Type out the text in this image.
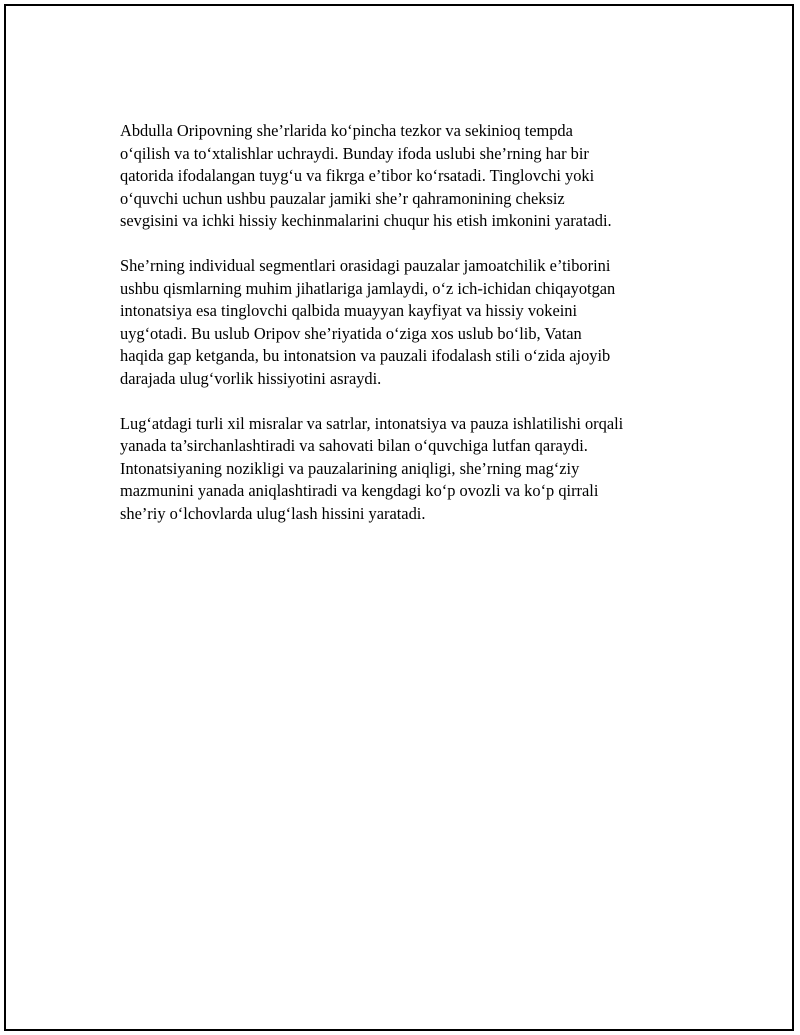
Abdulla Oripovning she’rlarida ko‘pincha tezkor va sekinioq tempda
o‘qilish va to‘xtalishlar uchraydi. Bunday ifoda uslubi she’rning har bir
qatorida ifodalangan tuyg‘u va fikrga e’tibor ko‘rsatadi. Tinglovchi yoki
o‘quvchi uchun ushbu pauzalar jamiki she’r qahramonining cheksiz
sevgisini va ichki hissiy kechinmalarini chuqur his etish imkonini yaratadi.

She’rning individual segmentlari orasidagi pauzalar jamoatchilik e’tiborini
ushbu qismlarning muhim jihatlariga jamlaydi, o‘z ich-ichidan chiqayotgan
intonatsiya esa tinglovchi qalbida muayyan kayfiyat va hissiy vokeini
uyg‘otadi. Bu uslub Oripov she’riyatida o‘ziga xos uslub bo‘lib, Vatan
haqida gap ketganda, bu intonatsion va pauzali ifodalash stili o‘zida ajoyib
darajada ulug‘vorlik hissiyotini asraydi.

Lug‘atdagi turli xil misralar va satrlar, intonatsiya va pauza ishlatilishi orqali
yanada ta’sirchanlashtiradi va sahovati bilan o‘quvchiga lutfan qaraydi.
Intonatsiyaning nozikligi va pauzalarining aniqligi, she’rning mag‘ziy
mazmunini yanada aniqlashtiradi va kengdagi ko‘p ovozli va ko‘p qirrali
she’riy o‘lchovlarda ulug‘lash hissini yaratadi.
